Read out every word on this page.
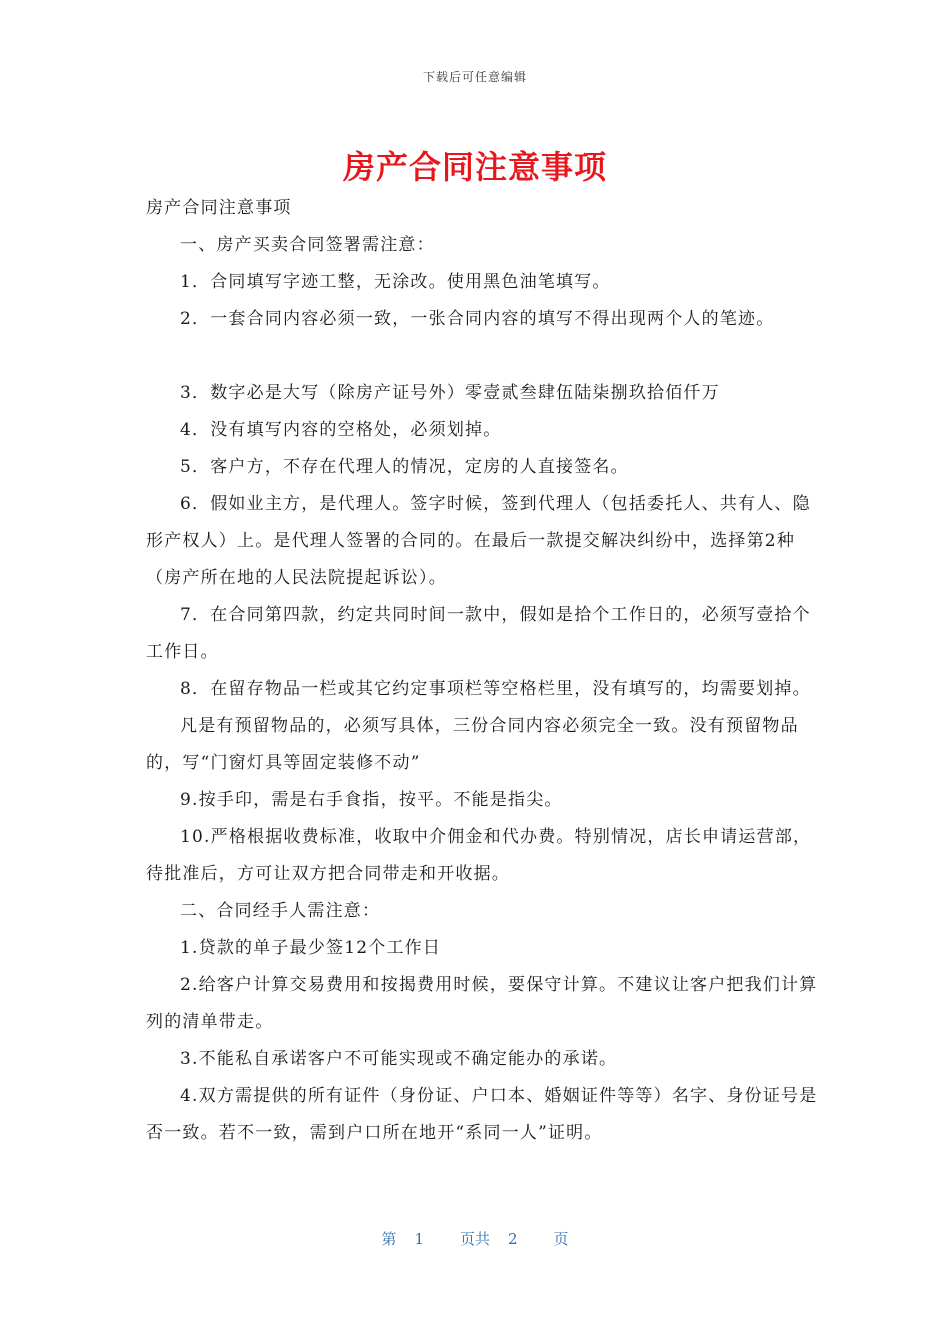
下载后可任意编辑
房产合同注意事项

房产合同注意事项

一、房产买卖合同签署需注意：

1．合同填写字迹工整，无涂改。使用黑色油笔填写。

2．一套合同内容必须一致，一张合同内容的填写不得出现两个人的笔迹。

3．数字必是大写（除房产证号外）零壹贰叁肆伍陆柒捌玖拾佰仟万

4．没有填写内容的空格处，必须划掉。

5．客户方，不存在代理人的情况，定房的人直接签名。

6．假如业主方，是代理人。签字时候，签到代理人（包括委托人、共有人、隐形产权人）上。是代理人签署的合同的。在最后一款提交解决纠纷中，选择第2种（房产所在地的人民法院提起诉讼）。

7．在合同第四款，约定共同时间一款中，假如是拾个工作日的，必须写壹拾个工作日。

8．在留存物品一栏或其它约定事项栏等空格栏里，没有填写的，均需要划掉。

凡是有预留物品的，必须写具体，三份合同内容必须完全一致。没有预留物品的，写“门窗灯具等固定装修不动”

9.按手印，需是右手食指，按平。不能是指尖。

10.严格根据收费标准，收取中介佣金和代办费。特别情况，店长申请运营部，待批准后，方可让双方把合同带走和开收据。

二、合同经手人需注意：

1.贷款的单子最少签12个工作日

2.给客户计算交易费用和按揭费用时候，要保守计算。不建议让客户把我们计算列的清单带走。

3.不能私自承诺客户不可能实现或不确定能办的承诺。

4.双方需提供的所有证件（身份证、户口本、婚姻证件等等）名字、身份证号是否一致。若不一致，需到户口所在地开“系同一人”证明。

第 1 页共 2 页
